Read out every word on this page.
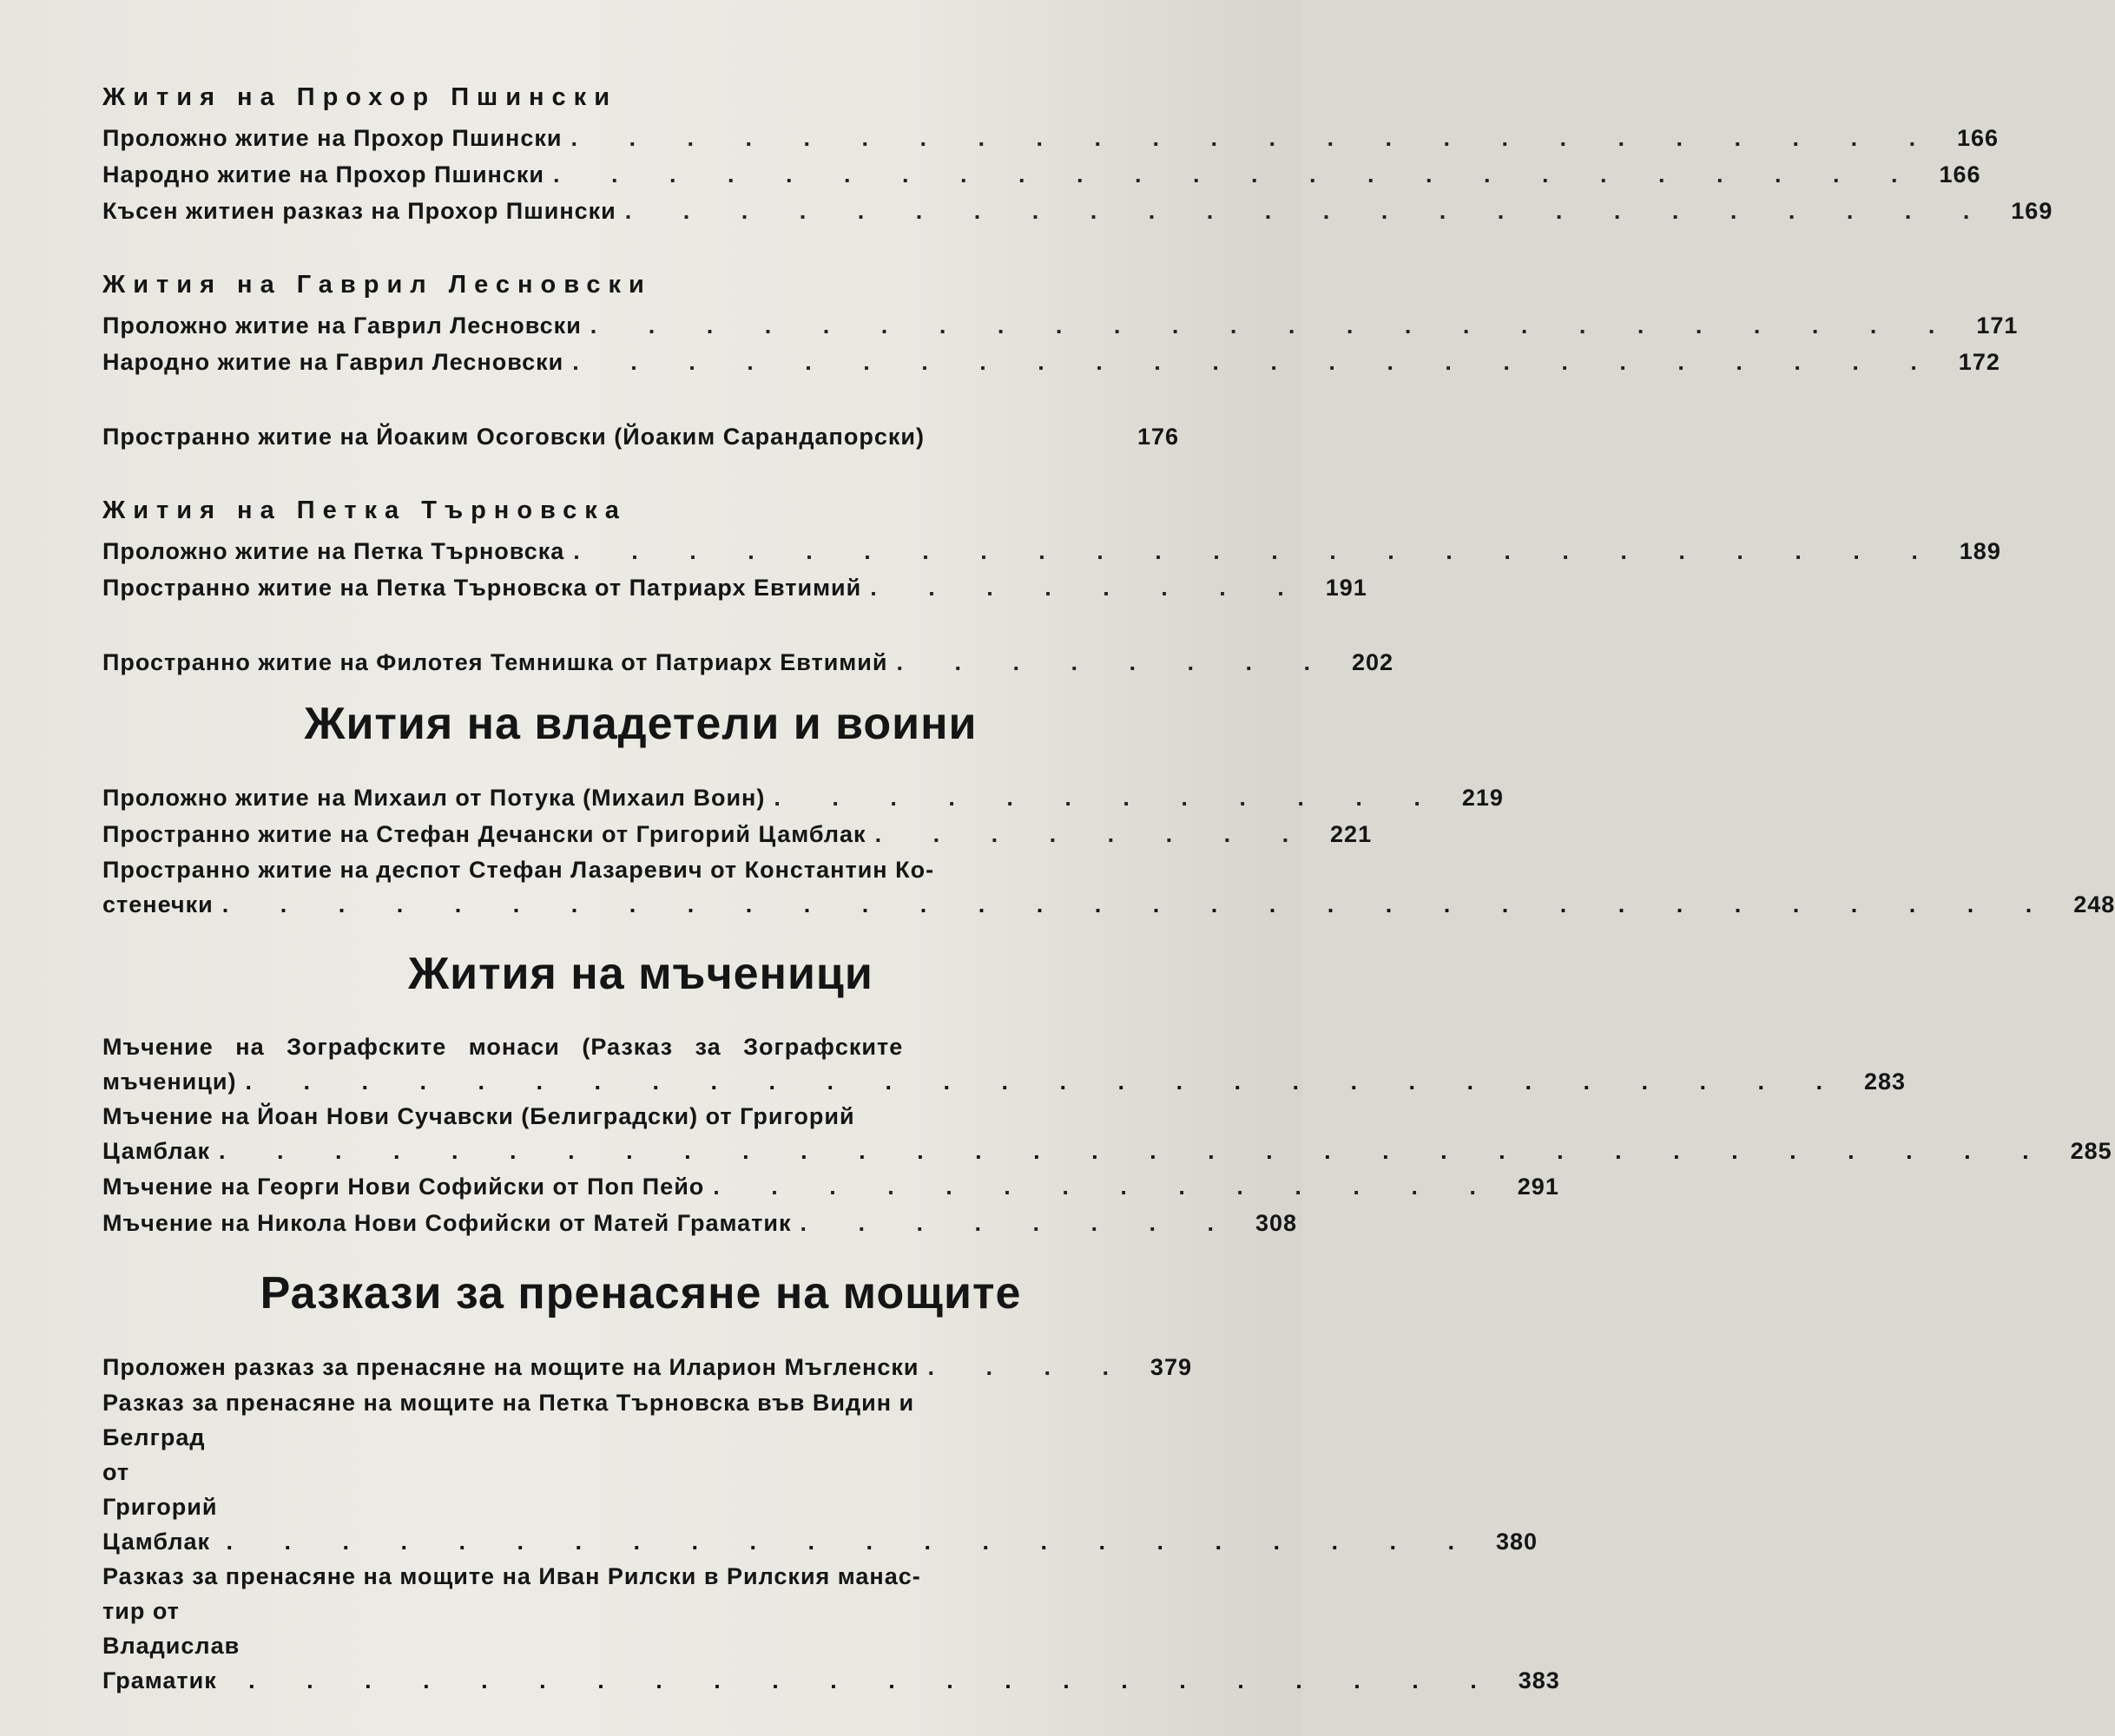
Жития на Прохор Пшински
Проложно житие на Прохор Пшински . . . . . . . . . . . . . . . . . . . . . . . . 166
Народно житие на Прохор Пшински . . . . . . . . . . . . . . . . . . . . . . . . 166
Късен житиен разказ на Прохор Пшински . . . . . . . . . . . . . . . . . . . . . . . . 169
Жития на Гаврил Лесновски
Проложно житие на Гаврил Лесновски . . . . . . . . . . . . . . . . . . . . . . . . 171
Народно житие на Гаврил Лесновски . . . . . . . . . . . . . . . . . . . . . . . . 172
Пространно житие на Йоаким Осоговски (Йоаким Сарандапорски)	176
Жития на Петка Търновска
Проложно житие на Петка Търновска . . . . . . . . . . . . . . . . . . . . . . . . 189
Пространно житие на Петка Търновска от Патриарх Евтимий . . . . . . . . 191
Пространно житие на Филотея Темнишка от Патриарх Евтимий . . . . . . . . 202
Жития на владетели и воини
Проложно житие на Михаил от Потука (Михаил Воин) . . . . . . . . . . . . 219
Пространно житие на Стефан Дечански от Григорий Цамблак . . . . . . . . 221
Пространно житие на деспот Стефан Лазаревич от Константин Ко-
стенечки . . . . . . . . . . . . . . . . . . . . . . . . . . . . . . . . 248
Жития на мъченици
Мъчение   на   Зографските   монаси   (Разказ   за   Зографските
мъченици) . . . . . . . . . . . . . . . . . . . . . . . . . . . . 283
Мъчение на Йоан Нови Сучавски (Белиградски) от Григорий
Цамблак . . . . . . . . . . . . . . . . . . . . . . . . . . . . . . . . 285
Мъчение на Георги Нови Софийски от Поп Пейо . . . . . . . . . . . . . . 291
Мъчение на Никола Нови Софийски от Матей Граматик . . . . . . . . 308
Разкази за пренасяне на мощите
Проложен разказ за пренасяне на мощите на Иларион Мъгленски . . . . 379
Разказ за пренасяне на мощите на Петка Търновска във Видин и
Белград от Григорий Цамблак . . . . . . . . . . . . . . . . . . . . . . 380
Разказ за пренасяне на мощите на Иван Рилски в Рилския манас-
тир от Владислав Граматик	. . . . . . . . . . . . . . . . . . . . . . 383
